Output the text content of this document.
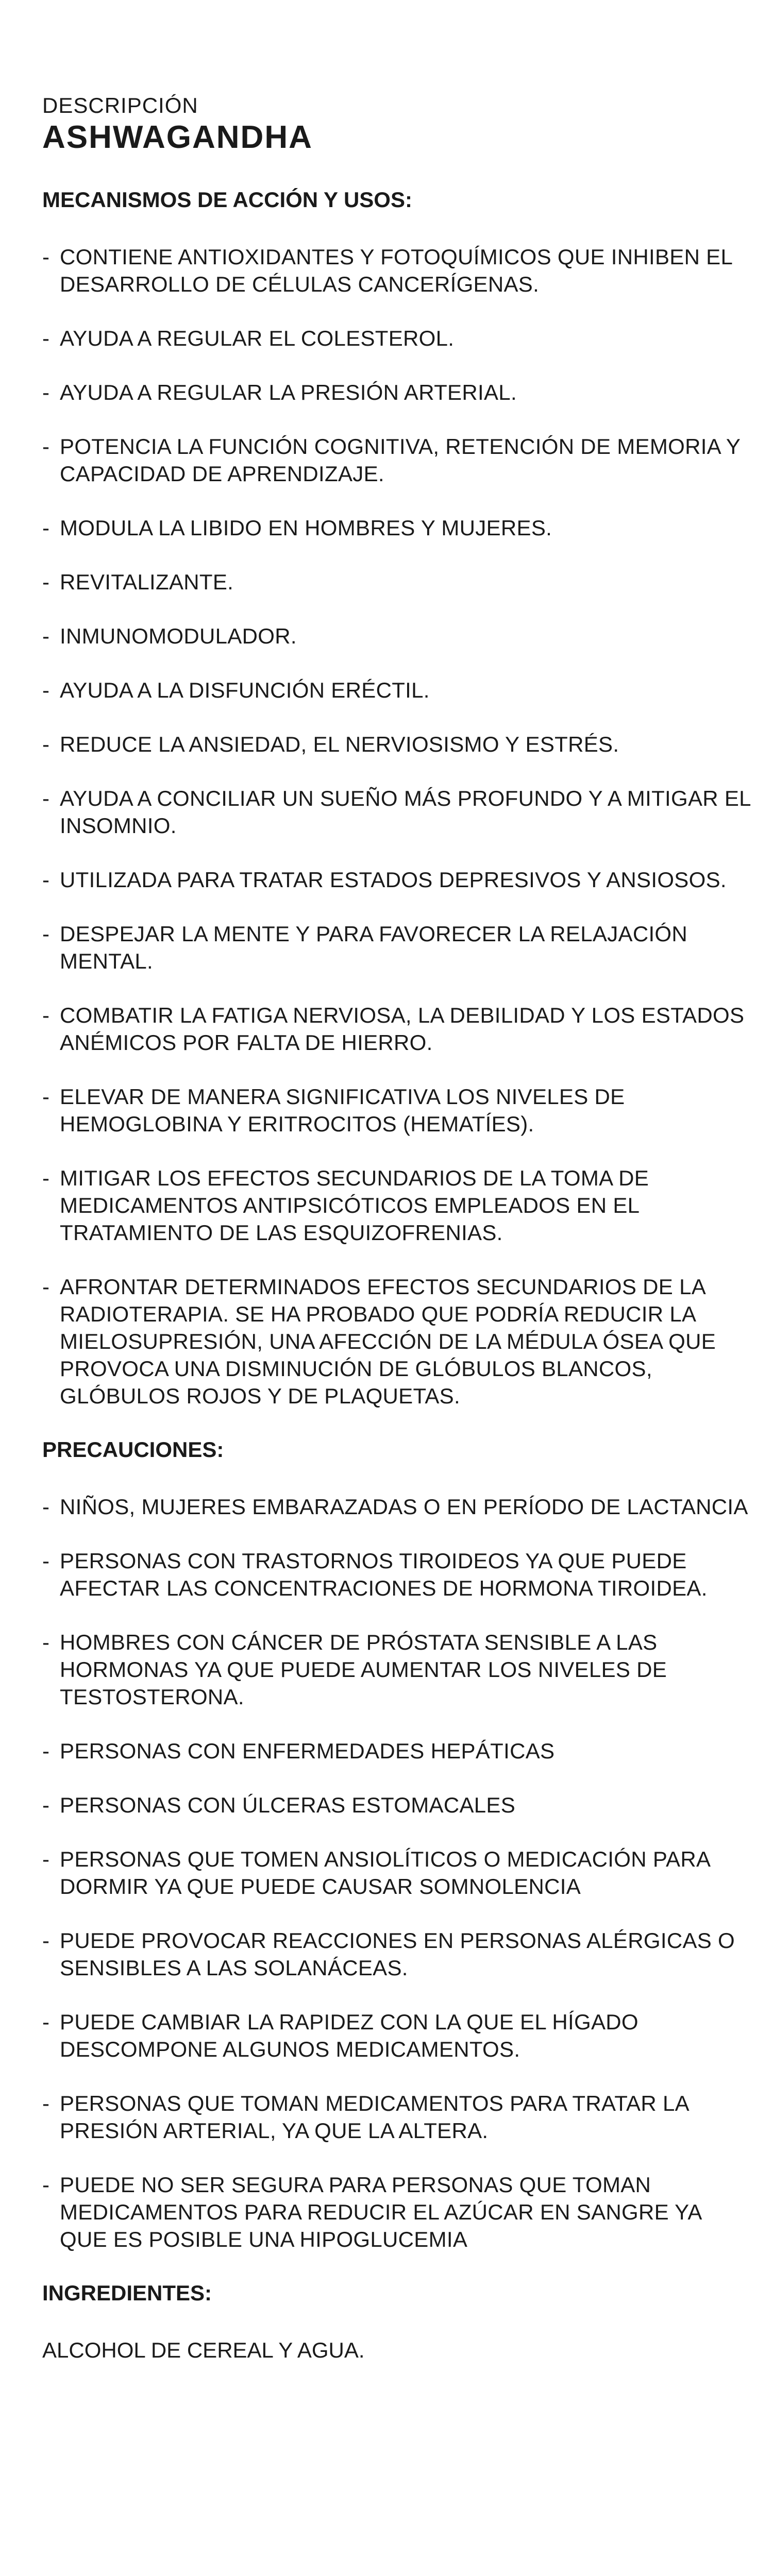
DESCRIPCIÓN

ASHWAGANDHA
MECANISMOS DE ACCIÓN Y USOS:
- CONTIENE ANTIOXIDANTES Y FOTOQUÍMICOS QUE INHIBEN EL DESARROLLO DE CÉLULAS CANCERÍGENAS.
- AYUDA A REGULAR EL COLESTEROL.
- AYUDA A REGULAR LA PRESIÓN ARTERIAL.
- POTENCIA LA FUNCIÓN COGNITIVA, RETENCIÓN DE MEMORIA Y CAPACIDAD DE APRENDIZAJE.
- MODULA LA LIBIDO EN HOMBRES Y MUJERES.
- REVITALIZANTE.
- INMUNOMODULADOR.
- AYUDA A LA DISFUNCIÓN ERÉCTIL.
- REDUCE LA ANSIEDAD, EL NERVIOSISMO Y ESTRÉS.
- AYUDA A CONCILIAR UN SUEÑO MÁS PROFUNDO Y A MITIGAR EL INSOMNIO.
- UTILIZADA PARA TRATAR ESTADOS DEPRESIVOS Y ANSIOSOS.
- DESPEJAR LA MENTE Y PARA FAVORECER LA RELAJACIÓN MENTAL.
- COMBATIR LA FATIGA NERVIOSA, LA DEBILIDAD Y LOS ESTADOS ANÉMICOS POR FALTA DE HIERRO.
- ELEVAR DE MANERA SIGNIFICATIVA LOS NIVELES DE HEMOGLOBINA Y ERITROCITOS (HEMATÍES).
- MITIGAR LOS EFECTOS SECUNDARIOS DE LA TOMA DE MEDICAMENTOS ANTIPSICÓTICOS EMPLEADOS EN EL TRATAMIENTO DE LAS ESQUIZOFRENIAS.
- AFRONTAR DETERMINADOS EFECTOS SECUNDARIOS DE LA RADIOTERAPIA. SE HA PROBADO QUE PODRÍA REDUCIR LA MIELOSUPRESIÓN, UNA AFECCIÓN DE LA MÉDULA ÓSEA QUE PROVOCA UNA DISMINUCIÓN DE GLÓBULOS BLANCOS, GLÓBULOS ROJOS Y DE PLAQUETAS.
PRECAUCIONES:
- NIÑOS, MUJERES EMBARAZADAS O EN PERÍODO DE LACTANCIA
- PERSONAS CON TRASTORNOS TIROIDEOS YA QUE PUEDE AFECTAR LAS CONCENTRACIONES DE HORMONA TIROIDEA.
- HOMBRES CON CÁNCER DE PRÓSTATA SENSIBLE A LAS HORMONAS YA QUE PUEDE AUMENTAR LOS NIVELES DE TESTOSTERONA.
- PERSONAS CON ENFERMEDADES HEPÁTICAS
- PERSONAS CON ÚLCERAS ESTOMACALES
- PERSONAS QUE TOMEN ANSIOLÍTICOS O MEDICACIÓN PARA DORMIR YA QUE PUEDE CAUSAR SOMNOLENCIA
- PUEDE PROVOCAR REACCIONES EN PERSONAS ALÉRGICAS O SENSIBLES A LAS SOLANÁCEAS.
- PUEDE CAMBIAR LA RAPIDEZ CON LA QUE EL HÍGADO DESCOMPONE ALGUNOS MEDICAMENTOS.
- PERSONAS QUE TOMAN MEDICAMENTOS PARA TRATAR LA PRESIÓN ARTERIAL, YA QUE LA ALTERA.
- PUEDE NO SER SEGURA PARA PERSONAS QUE TOMAN MEDICAMENTOS PARA REDUCIR EL AZÚCAR EN SANGRE YA QUE ES POSIBLE UNA HIPOGLUCEMIA
INGREDIENTES:

ALCOHOL DE CEREAL Y AGUA.
